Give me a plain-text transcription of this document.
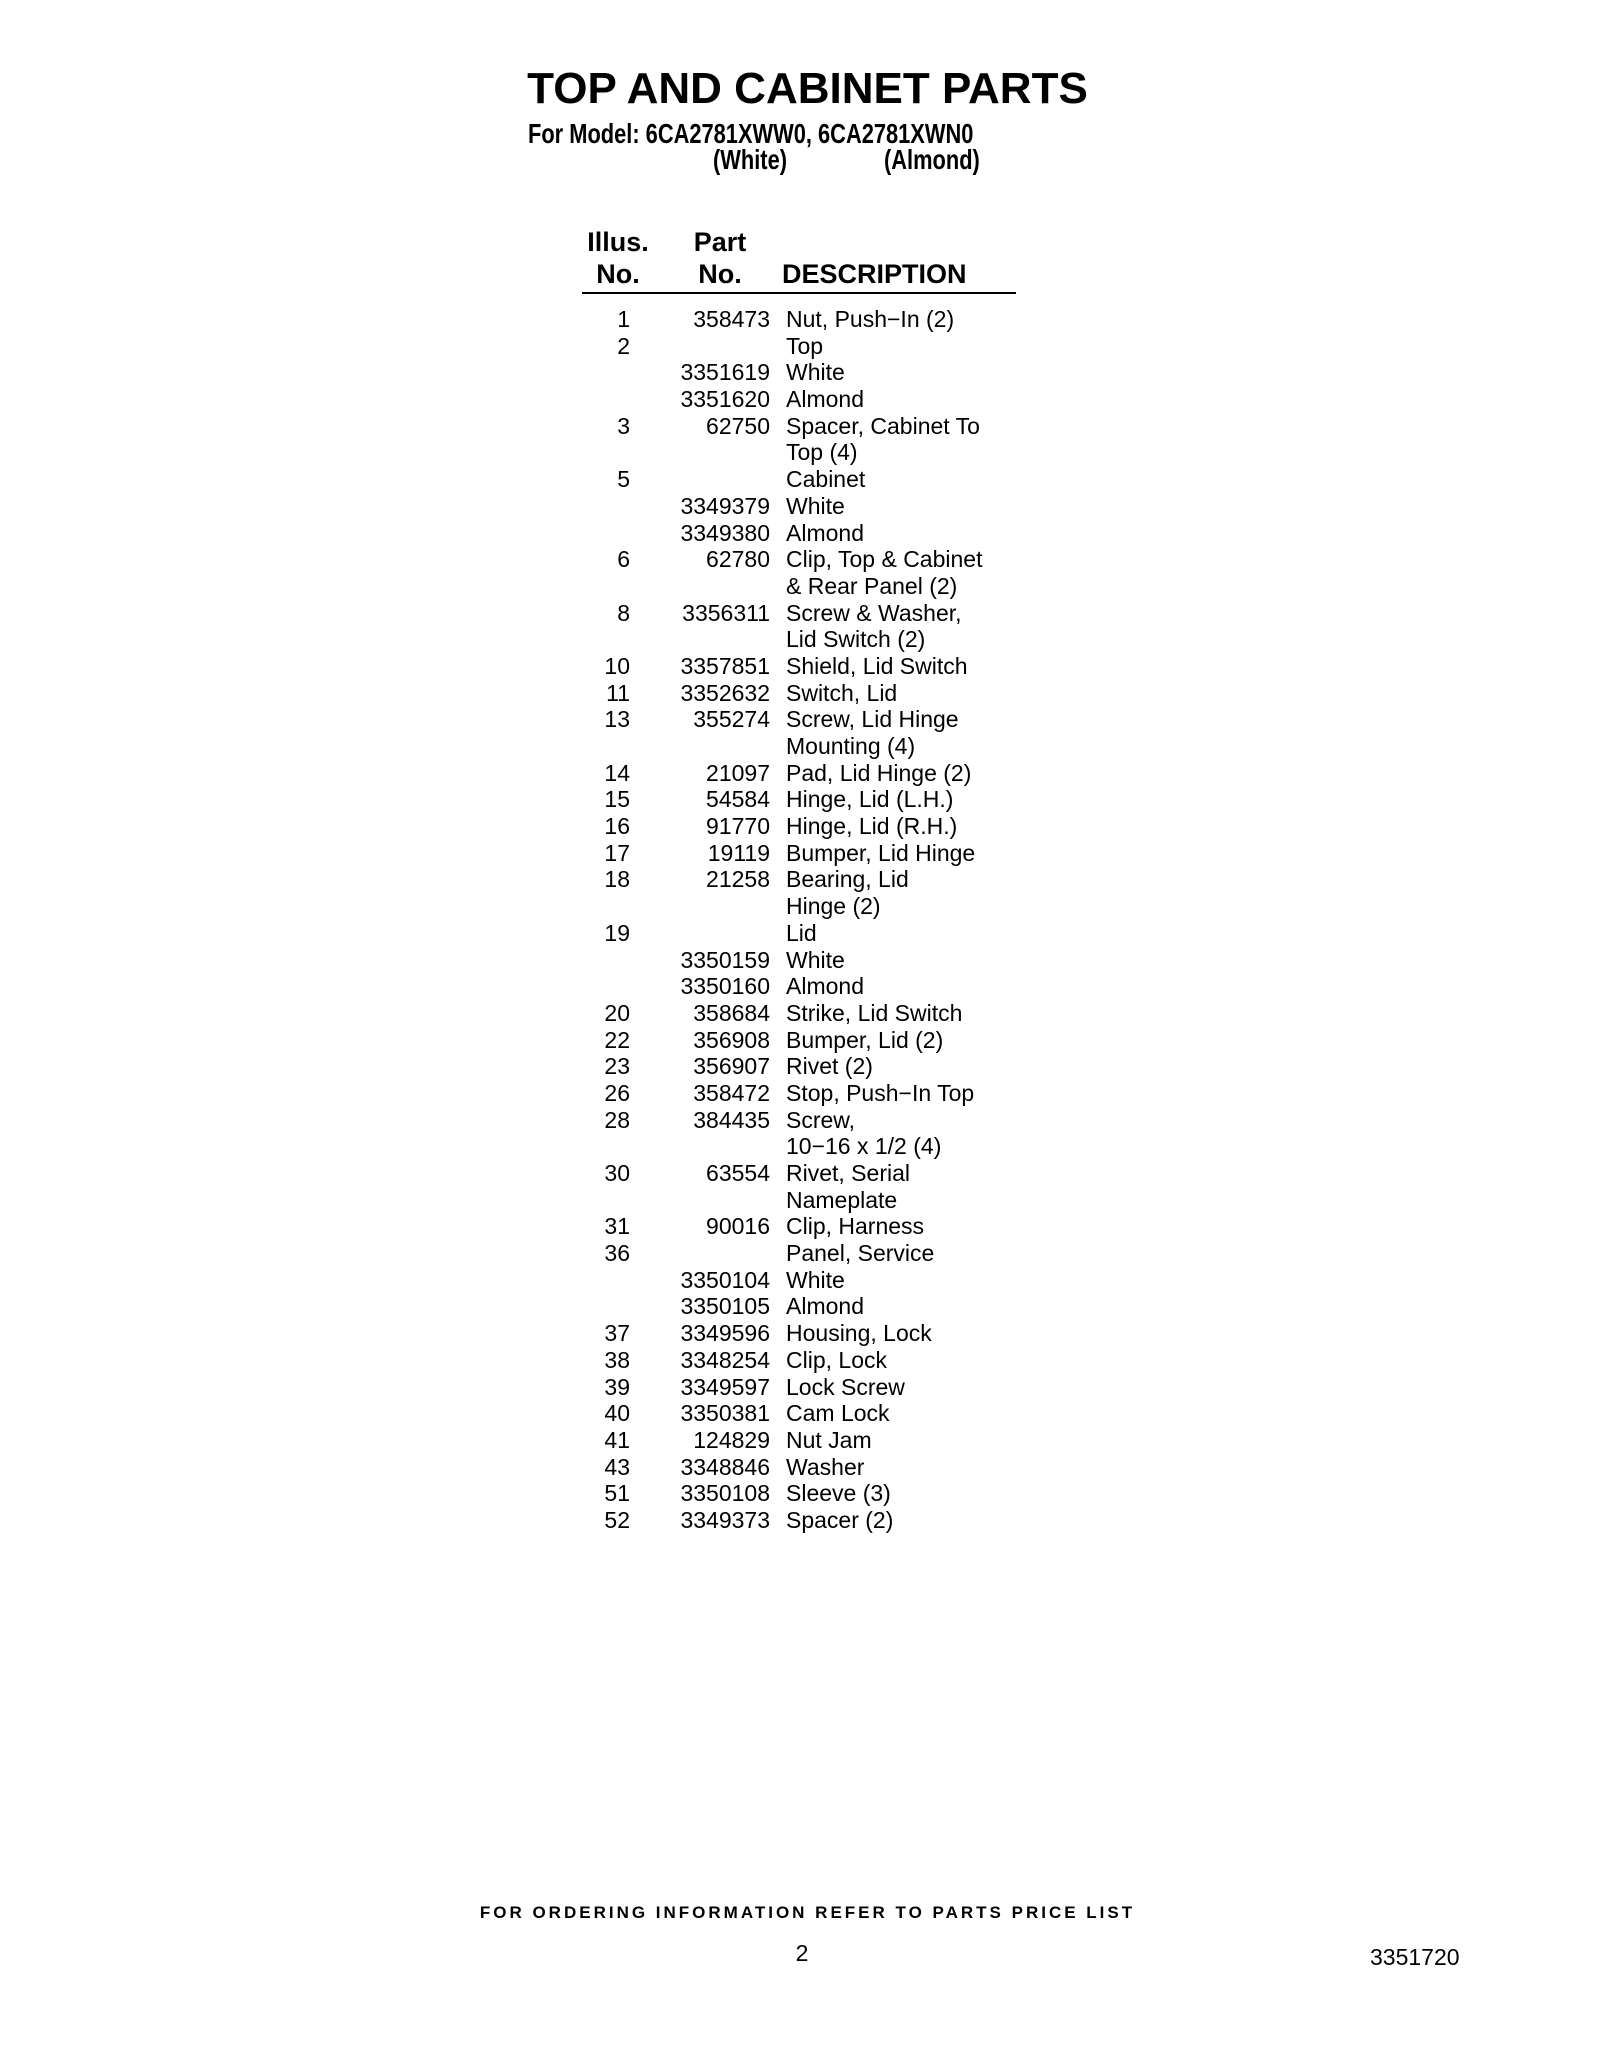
TOP AND CABINET PARTS
For Model: 6CA2781XWW0, 6CA2781XWN0
(White)	(Almond)
Illus.
No.
Part
No.	DESCRIPTION
1	358473 Nut, Push−In (2)
2	Top
3351619 White
3351620 Almond
3	62750 Spacer, Cabinet To
Top (4)
5	Cabinet
3349379 White
3349380 Almond
6	62780 Clip, Top & Cabinet
& Rear Panel (2)
8	3356311 Screw & Washer,
Lid Switch (2)
10	3357851 Shield, Lid Switch
11	3352632 Switch, Lid
13	355274 Screw, Lid Hinge
Mounting (4)
14	21097 Pad, Lid Hinge (2)
15	54584 Hinge, Lid (L.H.)
16	91770 Hinge, Lid (R.H.)
17	19119 Bumper, Lid Hinge
18	21258 Bearing, Lid
Hinge (2)
19	Lid
3350159 White
3350160 Almond
20	358684 Strike, Lid Switch
22	356908 Bumper, Lid (2)
23	356907 Rivet (2)
26	358472 Stop, Push−In Top
28	384435 Screw,
10−16 x 1/2 (4)
30	63554 Rivet, Serial
Nameplate
31	90016 Clip, Harness
36	Panel, Service
3350104 White
3350105 Almond
37	3349596 Housing, Lock
38	3348254 Clip, Lock
39	3349597 Lock Screw
40	3350381 Cam Lock
41	124829 Nut Jam
43	3348846 Washer
51	3350108 Sleeve (3)
52	3349373 Spacer (2)
FOR ORDERING INFORMATION REFER TO PARTS PRICE LIST
2	3351720
